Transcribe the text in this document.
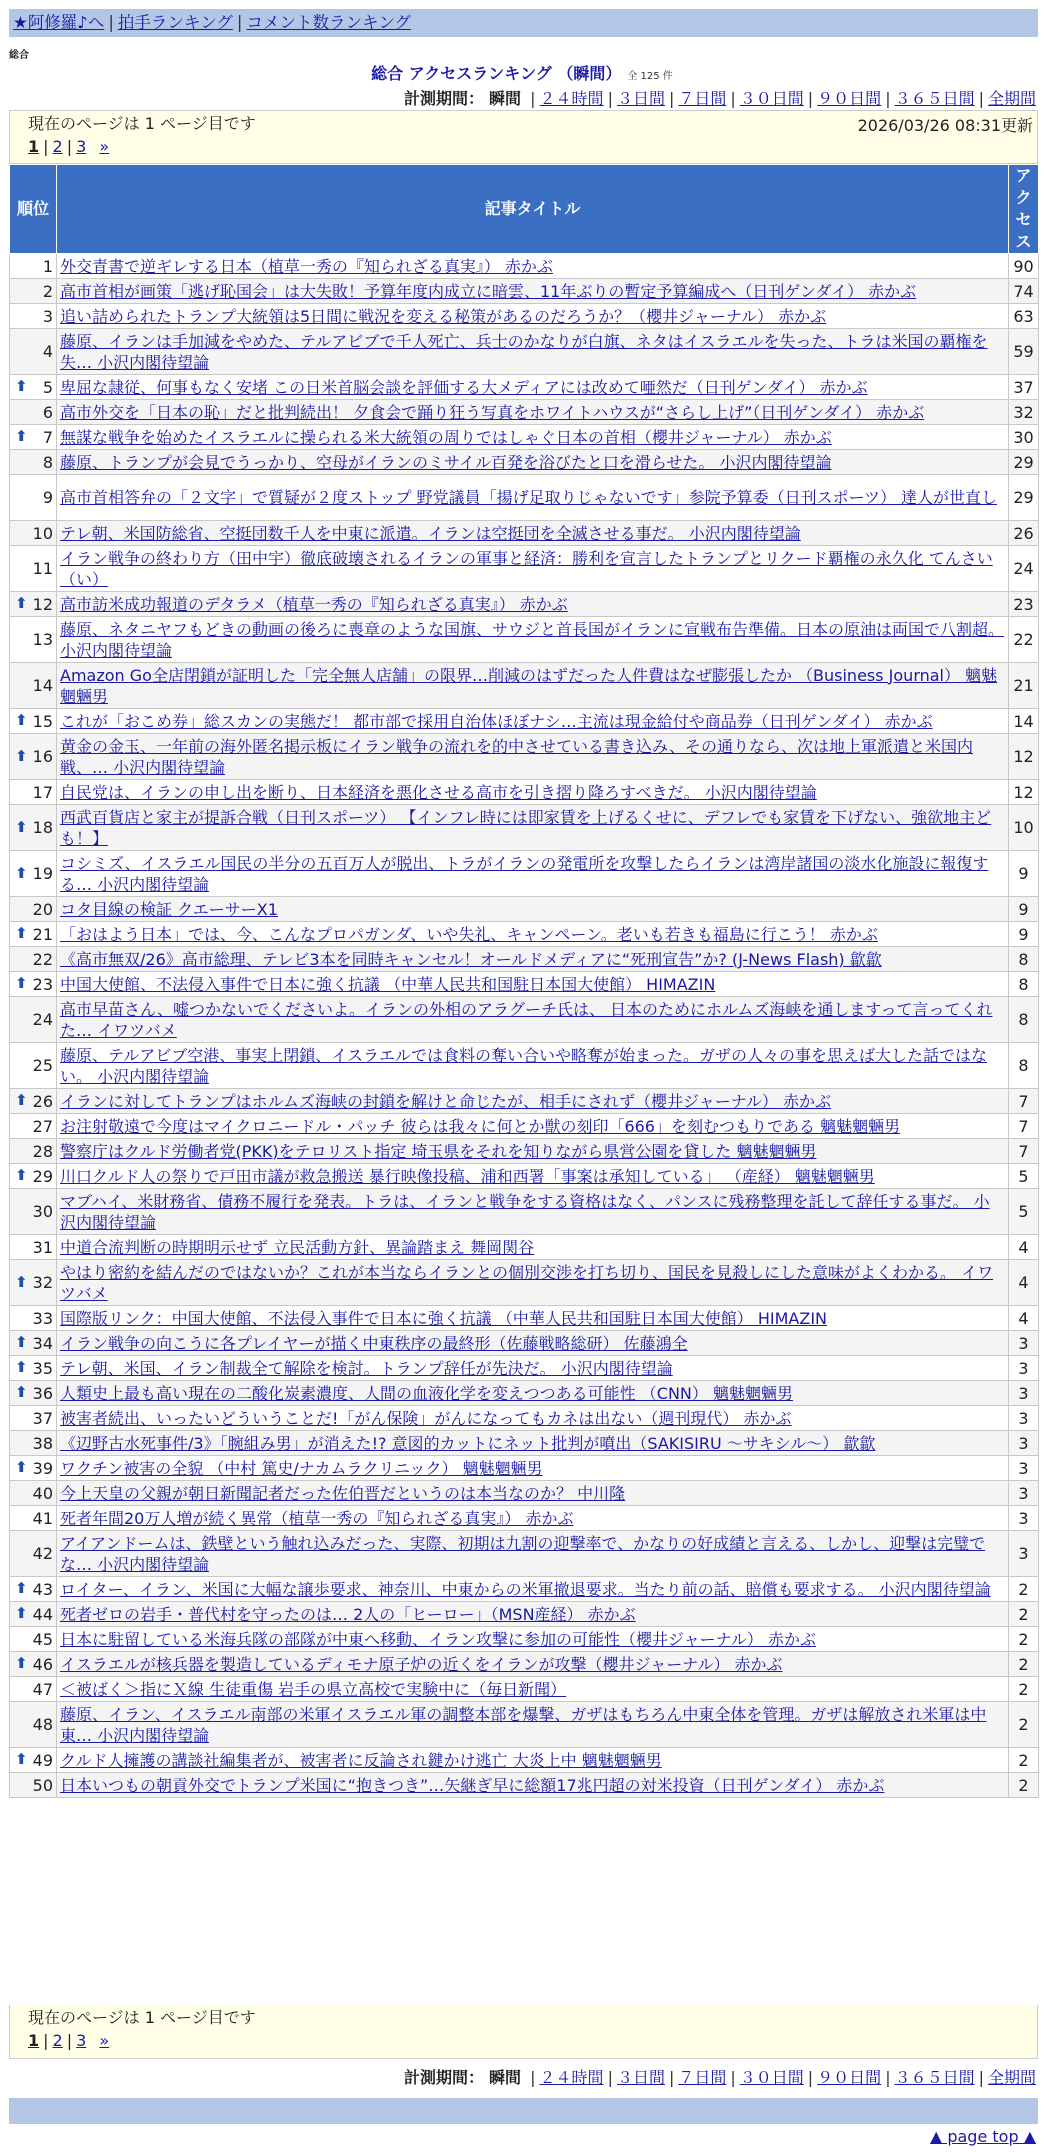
★阿修羅♪へ | 拍手ランキング | コメント数ランキング
総合
総合 アクセスランキング （瞬間） 全 125 件
計測期間： 瞬間 | ２４時間 | ３日間 | ７日間 | ３０日間 | ９０日間 | ３６５日間 | 全期間
現在のページは 1 ページ目です	2026/03/26 08:31更新
1 | 2 | 3 »
順位	記事タイトル	アクセス
1	外交青書で逆ギレする日本（植草一秀の『知られざる真実』） 赤かぶ	90
2	高市首相が画策「逃げ恥国会」は大失敗！予算年度内成立に暗雲、11年ぶりの暫定予算編成へ（日刊ゲンダイ） 赤かぶ	74
3	追い詰められたトランプ大統領は5日間に戦況を変える秘策があるのだろうか？（櫻井ジャーナル） 赤かぶ	63
4	藤原、イランは手加減をやめた、テルアビブで千人死亡、兵士のかなりが白旗、ネタはイスラエルを失った、トラは米国の覇権を失… 小沢内閣待望論	59

⬆ 5	卑屈な隷従、何事もなく安堵 この日米首脳会談を評価する大メディアには改めて唖然だ（日刊ゲンダイ） 赤かぶ	37
6	高市外交を「日本の恥」だと批判続出！ 夕食会で踊り狂う写真をホワイトハウスが“さらし上げ”（日刊ゲンダイ） 赤かぶ	32

⬆ 7	無謀な戦争を始めたイスラエルに操られる米大統領の周りではしゃぐ日本の首相（櫻井ジャーナル） 赤かぶ	30
8	藤原、トランプが会見でうっかり、空母がイランのミサイル百発を浴びたと口を滑らせた。 小沢内閣待望論	29
9	高市首相答弁の「２文字」で質疑が２度ストップ 野党議員「揚げ足取りじゃないです」参院予算委（日刊スポーツ） 達人が世直し	29
10	テレ朝、米国防総省、空挺団数千人を中東に派遣。イランは空挺団を全滅させる事だ。 小沢内閣待望論	26
11	イラン戦争の終わり方（田中宇）徹底破壊されるイランの軍事と経済：勝利を宣言したトランプとリクード覇権の永久化 てんさい（い）	24

⬆ 12	高市訪米成功報道のデタラメ（植草一秀の『知られざる真実』） 赤かぶ	23
13	藤原、ネタニヤフもどきの動画の後ろに喪章のような国旗、サウジと首長国がイランに宣戦布告準備。日本の原油は両国で八割超。 小沢内閣待望論	22
14	Amazon Go全店閉鎖が証明した「完全無人店舗」の限界…削減のはずだった人件費はなぜ膨張したか （Business Journal） 魑魅魍魎男	21

⬆ 15	これが「おこめ券」総スカンの実態だ！ 都市部で採用自治体ほぼナシ…主流は現金給付や商品券（日刊ゲンダイ） 赤かぶ	14

⬆ 16	黄金の金玉、一年前の海外匿名掲示板にイラン戦争の流れを的中させている書き込み、その通りなら、次は地上軍派遣と米国内戦、… 小沢内閣待望論	12
17	自民党は、イランの申し出を断り、日本経済を悪化させる高市を引き摺り降ろすべきだ。 小沢内閣待望論	12

⬆ 18	西武百貨店と家主が提訴合戦（日刊スポーツ） 【インフレ時には即家賃を上げるくせに、デフレでも家賃を下げない、強欲地主ども！】	10

⬆ 19	コシミズ、イスラエル国民の半分の五百万人が脱出、トラがイランの発電所を攻撃したらイランは湾岸諸国の淡水化施設に報復する… 小沢内閣待望論	9
20	コタ目線の検証 クエーサーX1	9

⬆ 21	「おはよう日本」では、今、こんなプロパガンダ、いや失礼、キャンペーン。老いも若きも福島に行こう！ 赤かぶ	9
22	《高市無双/26》高市総理、テレビ3本を同時キャンセル！オールドメディアに“死刑宣告”か? (J-News Flash) 歙歙	8

⬆ 23	中国大使館、不法侵入事件で日本に強く抗議 （中華人民共和国駐日本国大使館） HIMAZIN	8
24	高市早苗さん、嘘つかないでくださいよ。イランの外相のアラグーチ氏は、 日本のためにホルムズ海峡を通しますって言ってくれた… イワツバメ	8
25	藤原、テルアビブ空港、事実上閉鎖、イスラエルでは食料の奪い合いや略奪が始まった。ガザの人々の事を思えば大した話ではない。 小沢内閣待望論	8

⬆ 26	イランに対してトランプはホルムズ海峡の封鎖を解けと命じたが、相手にされず（櫻井ジャーナル） 赤かぶ	7
27	お注射敬遠で今度はマイクロニードル・パッチ 彼らは我々に何とか獣の刻印「666」を刻むつもりである 魑魅魍魎男	7
28	警察庁はクルド労働者党(PKK)をテロリスト指定 埼玉県をそれを知りながら県営公園を貸した 魑魅魍魎男	7

⬆ 29	川口クルド人の祭りで戸田市議が救急搬送 暴行映像投稿、浦和西署「事案は承知している」 （産経） 魑魅魍魎男	5
30	マブハイ、米財務省、債務不履行を発表。トラは、イランと戦争をする資格はなく、パンスに残務整理を託して辞任する事だ。 小沢内閣待望論	5
31	中道合流判断の時期明示せず 立民活動方針、異論踏まえ 舞岡関谷	4

⬆ 32	やはり密約を結んだのではないか？これが本当ならイランとの個別交渉を打ち切り、国民を見殺しにした意味がよくわかる。 イワツバメ	4
33	国際版リンク：中国大使館、不法侵入事件で日本に強く抗議 （中華人民共和国駐日本国大使館） HIMAZIN	4

⬆ 34	イラン戦争の向こうに各プレイヤーが描く中東秩序の最終形（佐藤戦略総研） 佐藤鴻全	3

⬆ 35	テレ朝、米国、イラン制裁全て解除を検討。トランプ辞任が先決だ。 小沢内閣待望論	3

⬆ 36	人類史上最も高い現在の二酸化炭素濃度、人間の血液化学を変えつつある可能性 （CNN） 魑魅魍魎男	3
37	被害者続出、いったいどういうことだ!「がん保険」がんになってもカネは出ない（週刊現代） 赤かぶ	3
38	《辺野古水死事件/3》「腕組み男」が消えた!? 意図的カットにネット批判が噴出（SAKISIRU ～サキシル～） 歙歙	3

⬆ 39	ワクチン被害の全貌 （中村 篤史/ナカムラクリニック） 魑魅魍魎男	3
40	今上天皇の父親が朝日新聞記者だった佐伯晋だというのは本当なのか？ 中川隆	3
41	死者年間20万人増が続く異常（植草一秀の『知られざる真実』） 赤かぶ	3
42	アイアンドームは、鉄壁という触れ込みだった、実際、初期は九割の迎撃率で、かなりの好成績と言える、しかし、迎撃は完璧でな… 小沢内閣待望論	3

⬆ 43	ロイター、イラン、米国に大幅な譲歩要求、神奈川、中東からの米軍撤退要求。当たり前の話、賠償も要求する。 小沢内閣待望論	2

⬆ 44	死者ゼロの岩手・普代村を守ったのは… 2人の「ヒーロー」（MSN産経） 赤かぶ	2
45	日本に駐留している米海兵隊の部隊が中東へ移動、イラン攻撃に参加の可能性（櫻井ジャーナル） 赤かぶ	2

⬆ 46	イスラエルが核兵器を製造しているディモナ原子炉の近くをイランが攻撃（櫻井ジャーナル） 赤かぶ	2
47	＜被ばく＞指にＸ線 生徒重傷 岩手の県立高校で実験中に（毎日新聞）	2
48	藤原、イラン、イスラエル南部の米軍イスラエル軍の調整本部を爆撃、ガザはもちろん中東全体を管理。ガザは解放され米軍は中東… 小沢内閣待望論	2

⬆ 49	クルド人擁護の講談社編集者が、被害者に反論され鍵かけ逃亡 大炎上中 魑魅魍魎男	2
50	日本いつもの朝貢外交でトランプ米国に“抱きつき”…矢継ぎ早に総額17兆円超の対米投資（日刊ゲンダイ） 赤かぶ	2
現在のページは 1 ページ目です
1 | 2 | 3 »
計測期間： 瞬間 | ２４時間 | ３日間 | ７日間 | ３０日間 | ９０日間 | ３６５日間 | 全期間
▲ page top ▲
